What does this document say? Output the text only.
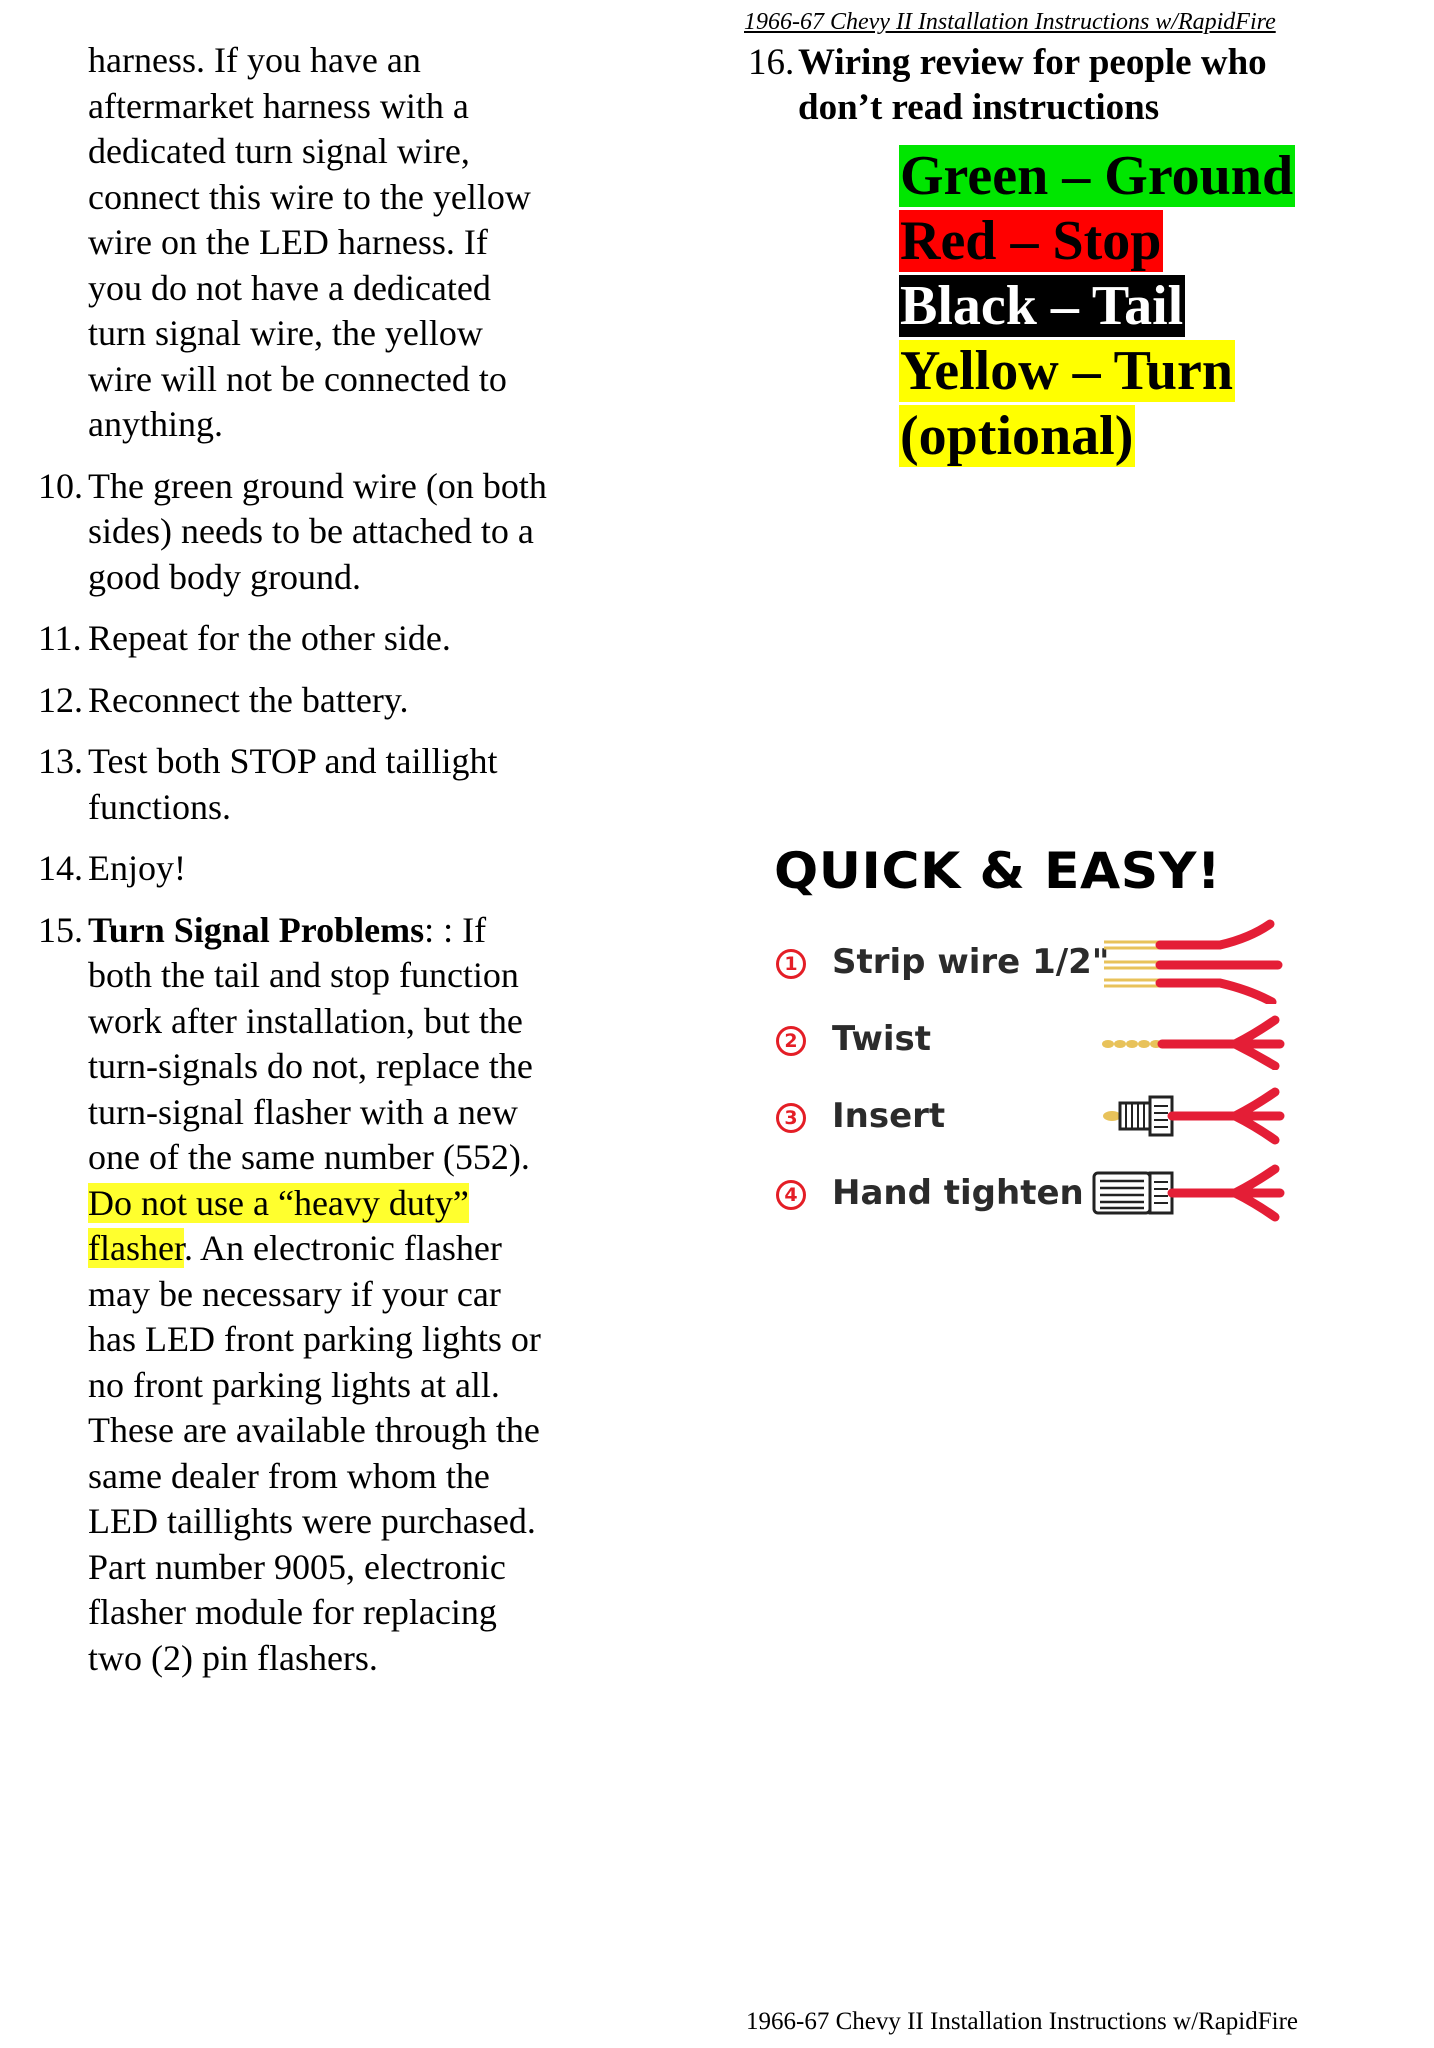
1966-67 Chevy II Installation Instructions w/RapidFire
harness. If you have an
aftermarket harness with a
dedicated turn signal wire,
connect this wire to the yellow
wire on the LED harness. If
you do not have a dedicated
turn signal wire, the yellow
wire will not be connected to
anything.
10. The green ground wire (on both
sides) needs to be attached to a
good body ground.
11. Repeat for the other side.
12. Reconnect the battery.
13. Test both STOP and taillight
functions.
14. Enjoy!
15. Turn Signal Problems: : If
both the tail and stop function
work after installation, but the
turn-signals do not, replace the
turn-signal flasher with a new
one of the same number (552).
Do not use a “heavy duty”
flasher. An electronic flasher
may be necessary if your car
has LED front parking lights or
no front parking lights at all.
These are available through the
same dealer from whom the
LED taillights were purchased.
Part number 9005, electronic
flasher module for replacing
two (2) pin flashers.
16. Wiring review for people who
don’t read instructions
Green – Ground
Red – Stop
Black – Tail
Yellow – Turn
(optional)
QUICK & EASY!
1 Strip wire 1/2"
2 Twist
3 Insert
4 Hand tighten
1966-67 Chevy II Installation Instructions w/RapidFire
